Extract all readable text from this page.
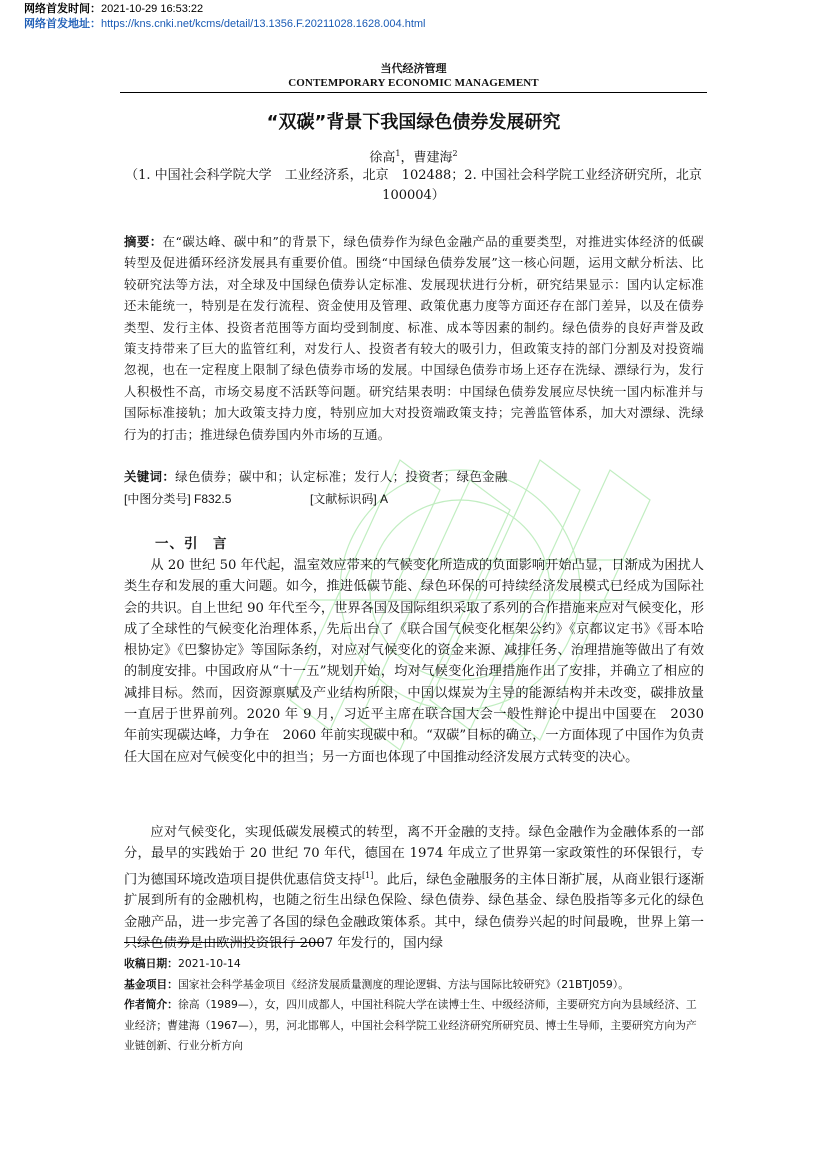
网络首发时间：2021-10-29 16:53:22
网络首发地址：https://kns.cnki.net/kcms/detail/13.1356.F.20211028.1628.004.html
当代经济管理
CONTEMPORARY ECONOMIC MANAGEMENT
“双碳”背景下我国绿色债券发展研究
徐高$^1$，曹建海$^2$
（1. 中国社会科学院大学　工业经济系，北京　102488；2. 中国社会科学院工业经济研究所，北京　100004）
摘要：在“碳达峰、碳中和”的背景下，绿色债券作为绿色金融产品的重要类型，对推进实体经济的低碳转型及促进循环经济发展具有重要价值。围绕“中国绿色债券发展”这一核心问题，运用文献分析法、比较研究法等方法，对全球及中国绿色债券认定标准、发展现状进行分析，研究结果显示：国内认定标准还未能统一，特别是在发行流程、资金使用及管理、政策优惠力度等方面还存在部门差异，以及在债券类型、发行主体、投资者范围等方面均受到制度、标准、成本等因素的制约。绿色债券的良好声誉及政策支持带来了巨大的监管红利，对发行人、投资者有较大的吸引力，但政策支持的部门分割及对投资端忽视，也在一定程度上限制了绿色债券市场的发展。中国绿色债券市场上还存在洗绿、漂绿行为，发行人积极性不高，市场交易度不活跃等问题。研究结果表明：中国绿色债券发展应尽快统一国内标准并与国际标准接轨；加大政策支持力度，特别应加大对投资端政策支持；完善监管体系，加大对漂绿、洗绿行为的打击；推进绿色债券国内外市场的互通。
关键词：绿色债券；碳中和；认定标准；发行人；投资者；绿色金融
[中图分类号] F832.5	[文献标识码] A
一、引　言

从 20 世纪 50 年代起，温室效应带来的气候变化所造成的负面影响开始凸显，日渐成为困扰人类生存和发展的重大问题。如今，推进低碳节能、绿色环保的可持续经济发展模式已经成为国际社会的共识。自上世纪 90 年代至今，世界各国及国际组织采取了系列的合作措施来应对气候变化，形成了全球性的气候变化治理体系，先后出台了《联合国气候变化框架公约》《京都议定书》《哥本哈根协定》《巴黎协定》等国际条约，对应对气候变化的资金来源、减排任务、治理措施等做出了有效的制度安排。中国政府从“十一五”规划开始，均对气候变化治理措施作出了安排，并确立了相应的减排目标。然而，因资源禀赋及产业结构所限，中国以煤炭为主导的能源结构并未改变，碳排放量一直居于世界前列。2020 年 9 月，习近平主席在联合国大会一般性辩论中提出中国要在　2030　年前实现碳达峰，力争在　2060 年前实现碳中和。“双碳”目标的确立，一方面体现了中国作为负责任大国在应对气候变化中的担当；另一方面也体现了中国推动经济发展方式转变的决心。

应对气候变化，实现低碳发展模式的转型，离不开金融的支持。绿色金融作为金融体系的一部分，最早的实践始于 20 世纪 70 年代，德国在 1974 年成立了世界第一家政策性的环保银行，专门为德国环境改造项目提供优惠信贷支持[1]。此后，绿色金融服务的主体日渐扩展，从商业银行逐渐扩展到所有的金融机构，也随之衍生出绿色保险、绿色债券、绿色基金、绿色股指等多元化的绿色金融产品，进一步完善了各国的绿色金融政策体系。其中，绿色债券兴起的时间最晚，世界上第一只绿色债券是由欧洲投资银行 2007 年发行的，国内绿

收稿日期：2021-10-14
基金项目：国家社会科学基金项目《经济发展质量测度的理论逻辑、方法与国际比较研究》（21BTJ059）。
作者简介：徐高（1989—），女，四川成都人，中国社科院大学在读博士生、中级经济师，主要研究方向为县域经济、工业经济；曹建海（1967—），男，河北邯郸人，中国社会科学院工业经济研究所研究员、博士生导师，主要研究方向为产业链创新、行业分析方向
